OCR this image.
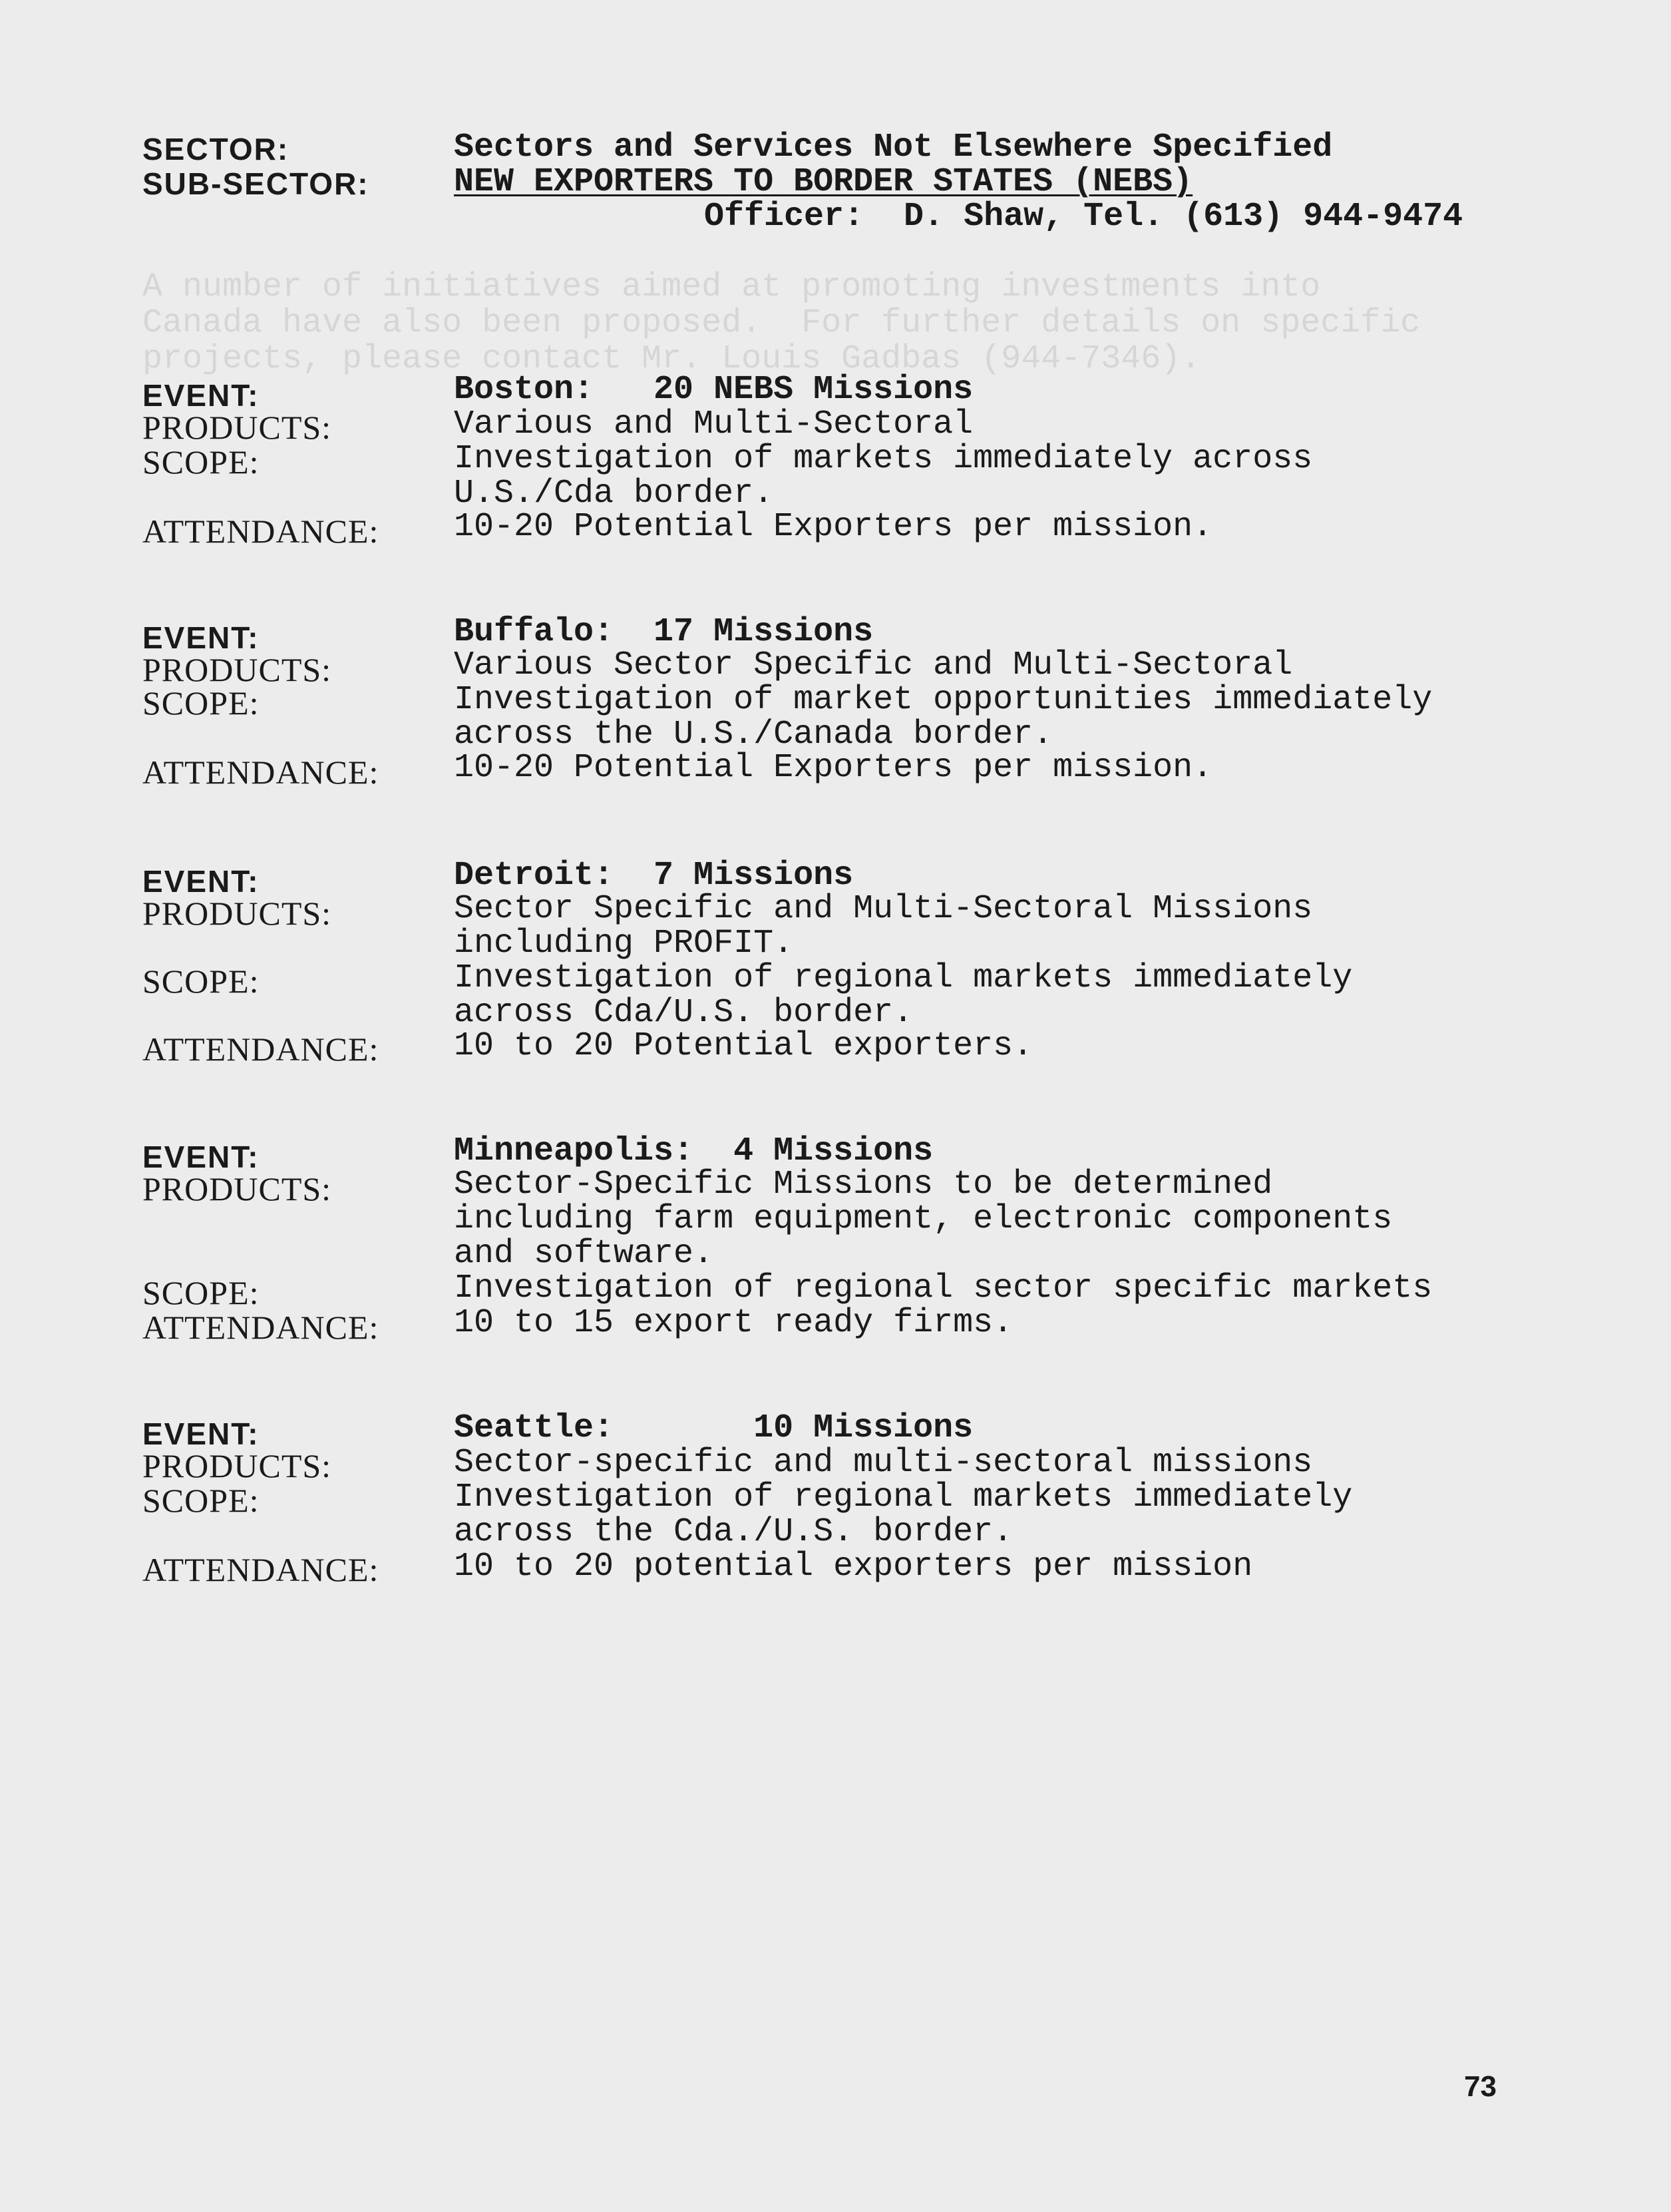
A number of initiatives aimed at promoting investments into
Canada have also been proposed.  For further details on specific
projects, please contact Mr. Louis Gadbas (944-7346).
SECTOR:	Sectors and Services Not Elsewhere Specified
SUB-SECTOR:	NEW EXPORTERS TO BORDER STATES (NEBS)
Officer:  D. Shaw, Tel. (613) 944-9474
EVENT:	Boston:   20 NEBS Missions
PRODUCTS:	Various and Multi-Sectoral
SCOPE:	Investigation of markets immediately across
U.S./Cda border.
ATTENDANCE: 10-20 Potential Exporters per mission.
EVENT:	Buffalo:  17 Missions
PRODUCTS:	Various Sector Specific and Multi-Sectoral
SCOPE:	Investigation of market opportunities immediately
across the U.S./Canada border.
ATTENDANCE: 10-20 Potential Exporters per mission.
EVENT:	Detroit:  7 Missions
PRODUCTS:	Sector Specific and Multi-Sectoral Missions
including PROFIT.
SCOPE:	Investigation of regional markets immediately
across Cda/U.S. border.
ATTENDANCE: 10 to 20 Potential exporters.
EVENT:	Minneapolis:  4 Missions
PRODUCTS:	Sector-Specific Missions to be determined
including farm equipment, electronic components
and software.
SCOPE:	Investigation of regional sector specific markets
ATTENDANCE: 10 to 15 export ready firms.
EVENT:	Seattle:       10 Missions
PRODUCTS:	Sector-specific and multi-sectoral missions
SCOPE:	Investigation of regional markets immediately
across the Cda./U.S. border.
ATTENDANCE: 10 to 20 potential exporters per mission
73
